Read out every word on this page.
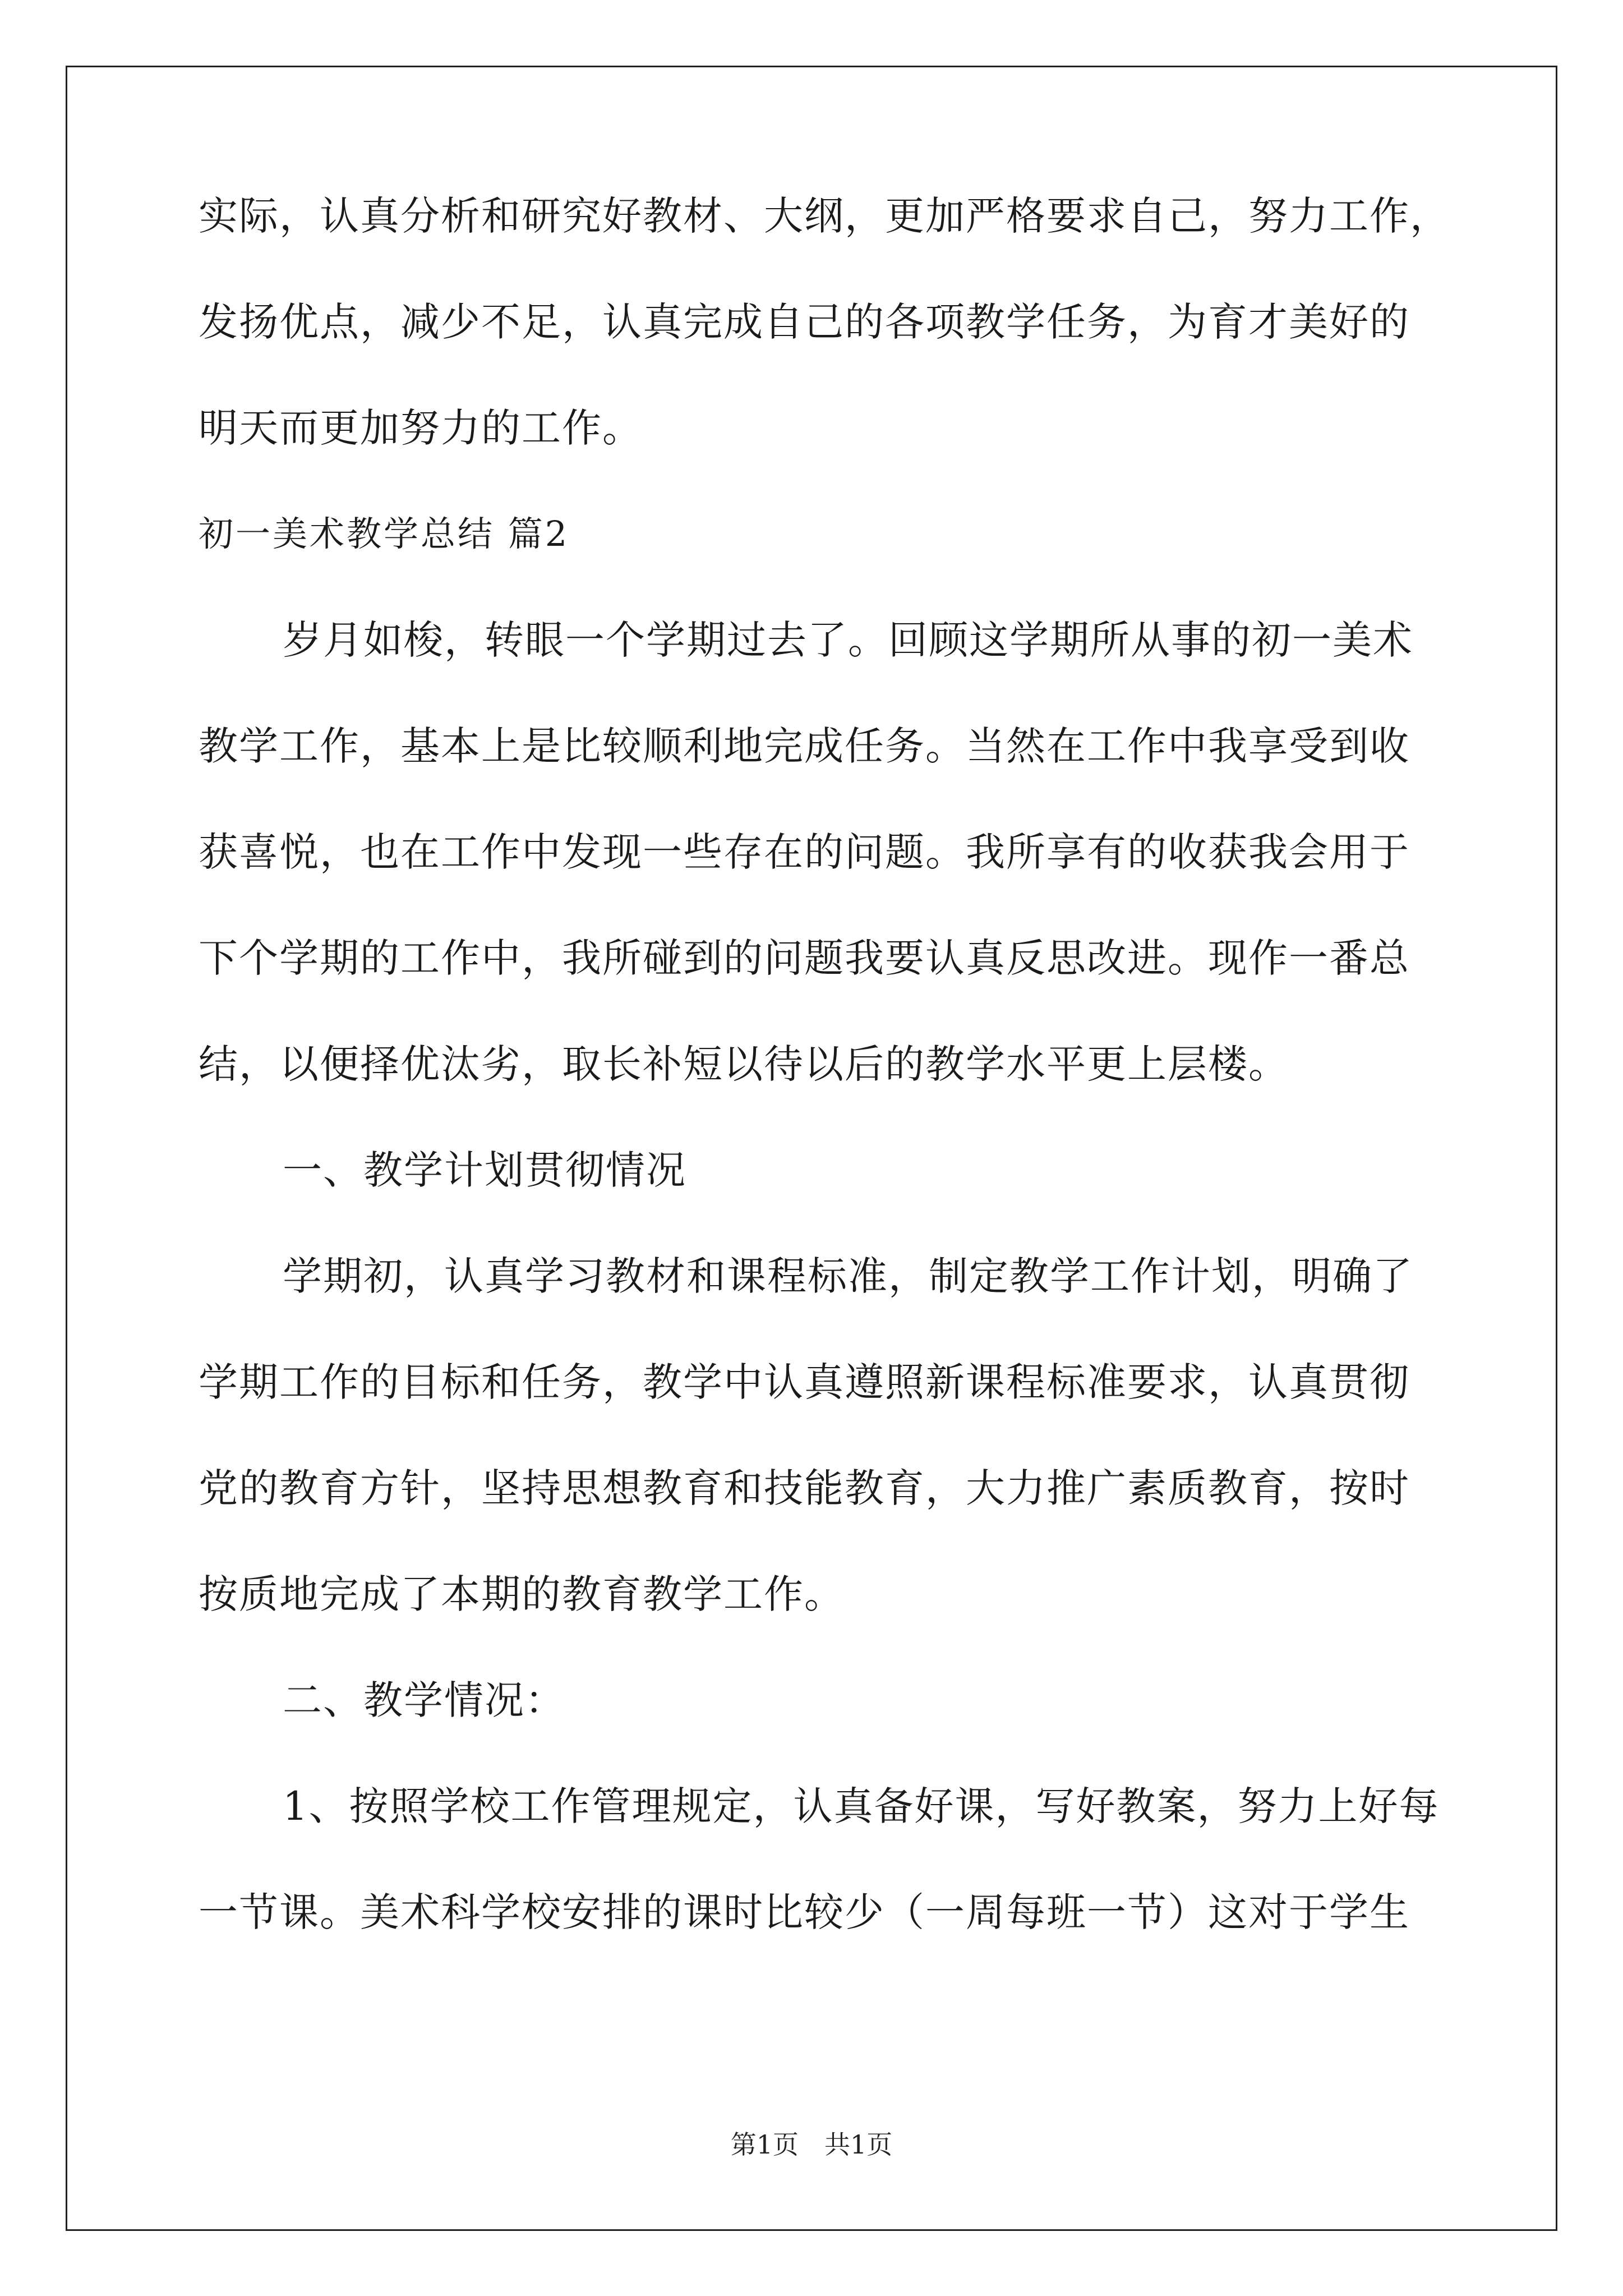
实际，认真分析和研究好教材、大纲，更加严格要求自己，努力工作，
发扬优点，减少不足，认真完成自己的各项教学任务，为育才美好的
明天而更加努力的工作。
初一美术教学总结 篇2
岁月如梭，转眼一个学期过去了。回顾这学期所从事的初一美术
教学工作，基本上是比较顺利地完成任务。当然在工作中我享受到收
获喜悦，也在工作中发现一些存在的问题。我所享有的收获我会用于
下个学期的工作中，我所碰到的问题我要认真反思改进。现作一番总
结，以便择优汰劣，取长补短以待以后的教学水平更上层楼。
一、教学计划贯彻情况
学期初，认真学习教材和课程标准，制定教学工作计划，明确了
学期工作的目标和任务，教学中认真遵照新课程标准要求，认真贯彻
党的教育方针，坚持思想教育和技能教育，大力推广素质教育，按时
按质地完成了本期的教育教学工作。
二、教学情况：
1、按照学校工作管理规定，认真备好课，写好教案，努力上好每
一节课。美术科学校安排的课时比较少（一周每班一节）这对于学生
第1页　共1页
